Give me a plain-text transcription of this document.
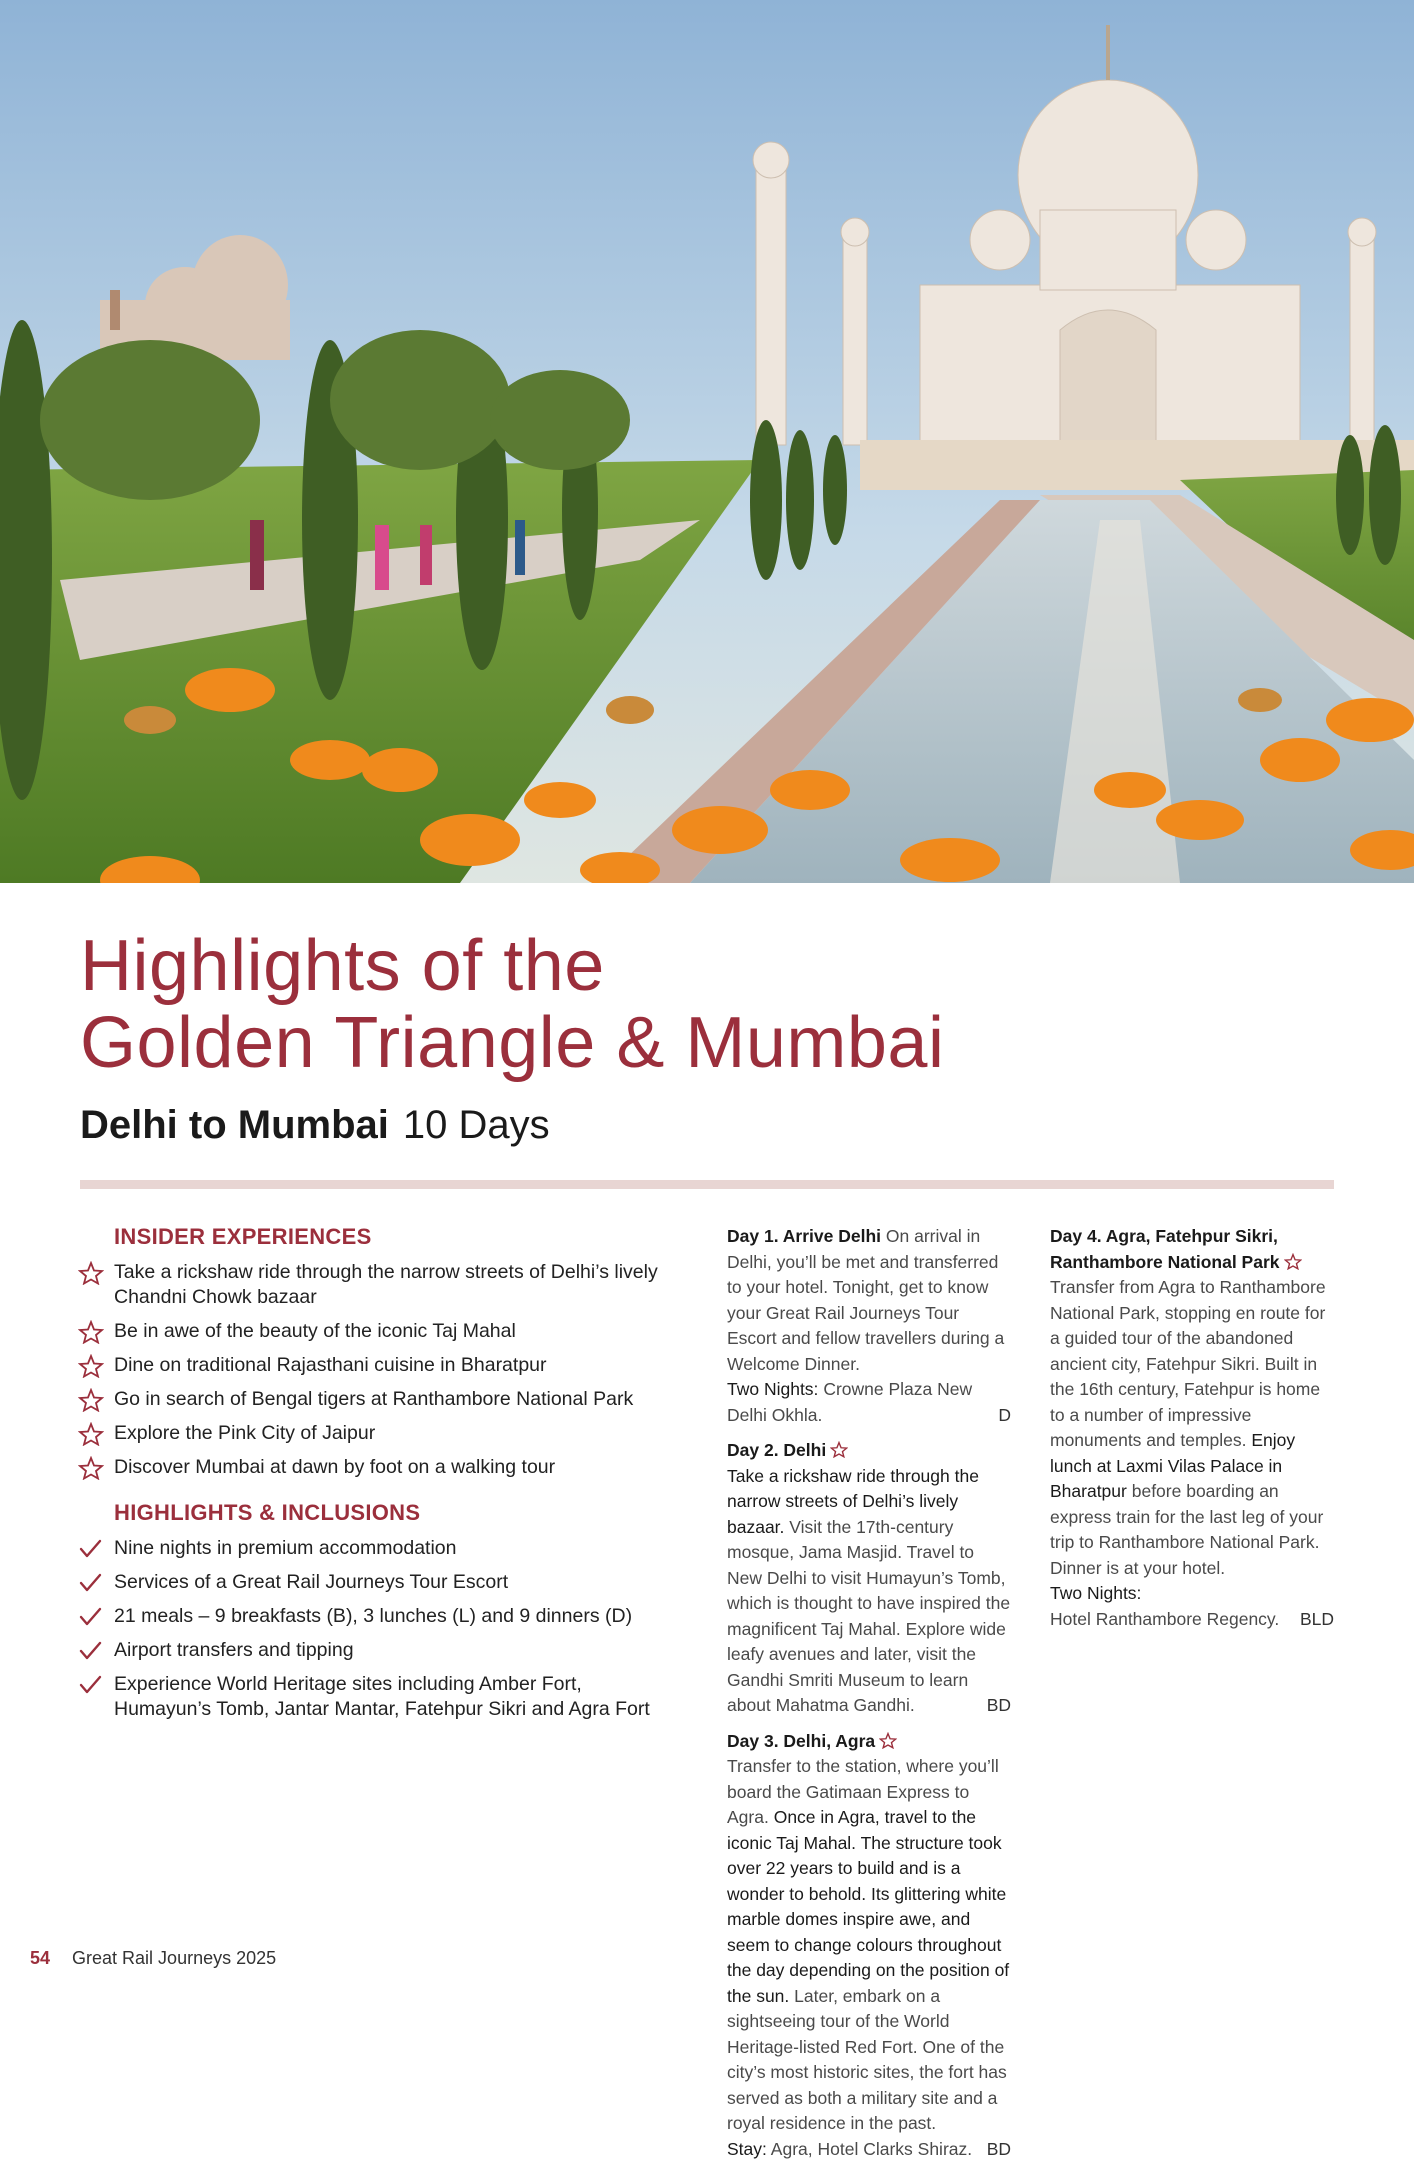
Highlights of the
Golden Triangle & Mumbai
Delhi to Mumbai 10 Days
INSIDER EXPERIENCES
Take a rickshaw ride through the narrow streets of Delhi’s lively Chandni Chowk bazaar
Be in awe of the beauty of the iconic Taj Mahal
Dine on traditional Rajasthani cuisine in Bharatpur
Go in search of Bengal tigers at Ranthambore National Park
Explore the Pink City of Jaipur
Discover Mumbai at dawn by foot on a walking tour
HIGHLIGHTS & INCLUSIONS
Nine nights in premium accommodation
Services of a Great Rail Journeys Tour Escort
21 meals – 9 breakfasts (B), 3 lunches (L) and 9 dinners (D)
Airport transfers and tipping
Experience World Heritage sites including Amber Fort, Humayun’s Tomb, Jantar Mantar, Fatehpur Sikri and Agra Fort

Day 1. Arrive Delhi On arrival in Delhi, you’ll be met and transferred to your hotel. Tonight, get to know your Great Rail Journeys Tour Escort and fellow travellers during a Welcome Dinner.
Two Nights: Crowne Plaza New Delhi Okhla.	D

Day 2. Delhi
Take a rickshaw ride through the narrow streets of Delhi’s lively bazaar. Visit the 17th-century mosque, Jama Masjid. Travel to New Delhi to visit Humayun’s Tomb, which is thought to have inspired the magnificent Taj Mahal. Explore wide leafy avenues and later, visit the Gandhi Smriti Museum to learn about Mahatma Gandhi.	BD

Day 3. Delhi, Agra
Transfer to the station, where you’ll board the Gatimaan Express to Agra. Once in Agra, travel to the iconic Taj Mahal. The structure took over 22 years to build and is a wonder to behold. Its glittering white marble domes inspire awe, and seem to change colours throughout the day depending on the position of the sun. Later, embark on a sightseeing tour of the World Heritage-listed Red Fort. One of the city’s most historic sites, the fort has served as both a military site and a royal residence in the past.
Stay: Agra, Hotel Clarks Shiraz. BD

Day 4. Agra, Fatehpur Sikri, Ranthambore National Park
Transfer from Agra to Ranthambore National Park, stopping en route for a guided tour of the abandoned ancient city, Fatehpur Sikri. Built in the 16th century, Fatehpur is home to a number of impressive monuments and temples. Enjoy lunch at Laxmi Vilas Palace in Bharatpur before boarding an express train for the last leg of your trip to Ranthambore National Park. Dinner is at your hotel.
Two Nights:
Hotel Ranthambore Regency. BLD

54 Great Rail Journeys 2025
